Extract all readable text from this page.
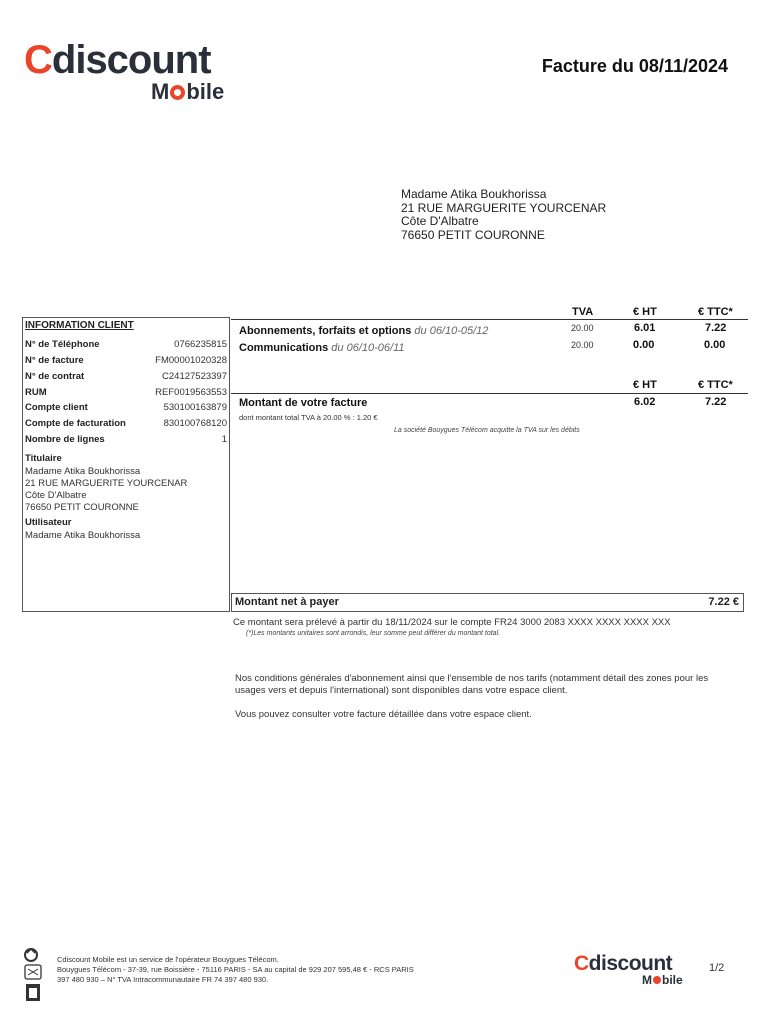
Cdiscount
M bile
Facture du 08/11/2024
Madame Atika Boukhorissa
21 RUE MARGUERITE YOURCENAR
Côte D'Albatre
76650 PETIT COURONNE
INFORMATION CLIENT
N° de Téléphone	0766235815
N° de facture	FM00001020328
N° de contrat	C24127523397
RUM	REF0019563553
Compte client	530100163879
Compte de facturation	830100768120
Nombre de lignes	1
Titulaire
Madame Atika Boukhorissa
21 RUE MARGUERITE YOURCENAR
Côte D'Albatre
76650 PETIT COURONNE
Utilisateur
Madame Atika Boukhorissa
TVA	€ HT	€ TTC*
Abonnements, forfaits et options du 06/10-05/12	20.00	6.01	7.22
Communications du 06/10-06/11	20.00	0.00	0.00
€ HT	€ TTC*
Montant de votre facture	6.02	7.22
dont montant total TVA à 20.00 % : 1.20 €
La société Bouygues Télécom acquitte la TVA sur les débits
Montant net à payer	7.22 €
Ce montant sera prélevé à partir du 18/11/2024 sur le compte FR24 3000 2083 XXXX XXXX XXXX XXX
(*)Les montants unitaires sont arrondis, leur somme peut différer du montant total.
Nos conditions générales d'abonnement ainsi que l'ensemble de nos tarifs (notamment détail des zones pour les
usages vers et depuis l'international) sont disponibles dans votre espace client.
Vous pouvez consulter votre facture détaillée dans votre espace client.
Cdiscount Mobile est un service de l'opérateur Bouygues Télécom.
Bouygues Télécom - 37-39, rue Boissière - 75116 PARIS - SA au capital de 929 207 595,48 € - RCS PARIS
397 480 930 – N° TVA Intracommunautaire FR 74 397 480 930.
Cdiscount
M bile
1/2
